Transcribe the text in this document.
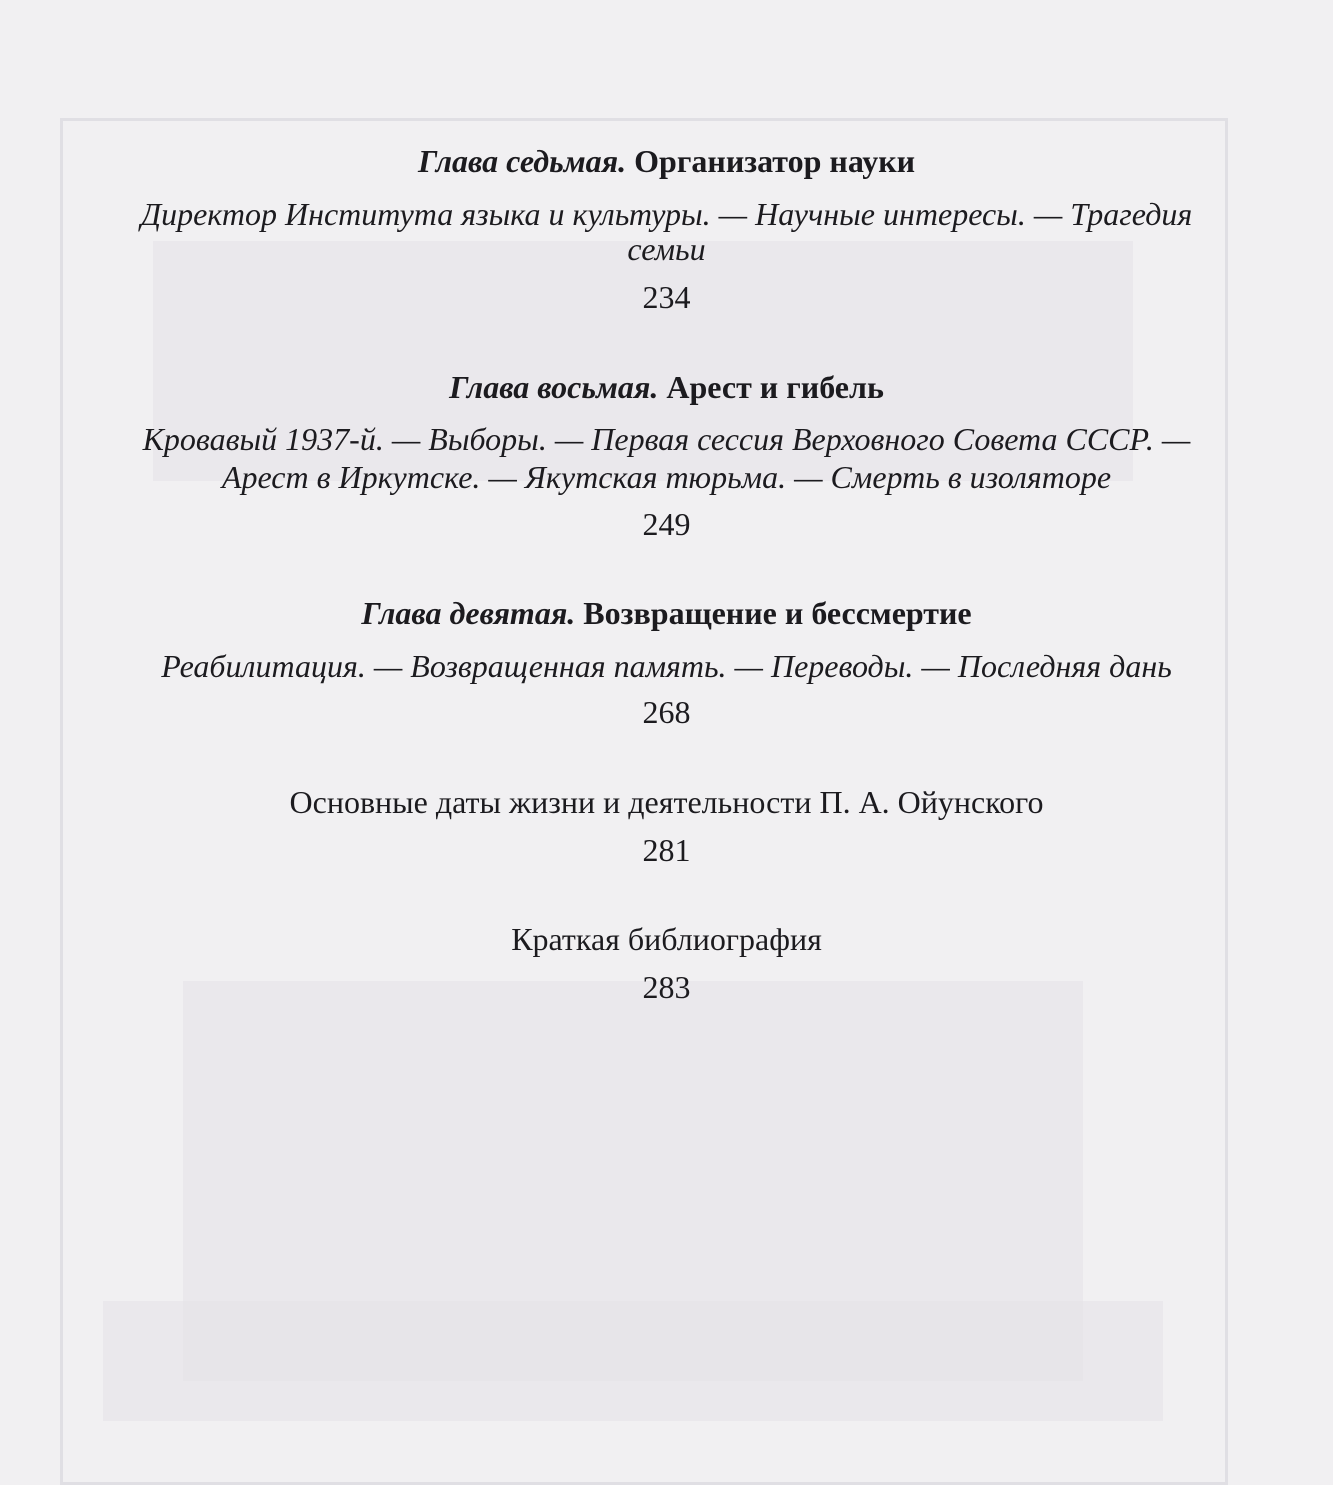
Глава седьмая. Организатор науки
Директор Института языка и культуры. — Научные интересы. — Трагедия
семьи
234
Глава восьмая. Арест и гибель
Кровавый 1937-й. — Выборы. — Первая сессия Верховного Совета СССР. —
Арест в Иркутске. — Якутская тюрьма. — Смерть в изоляторе
249
Глава девятая. Возвращение и бессмертие
Реабилитация. — Возвращенная память. — Переводы. — Последняя дань
268
Основные даты жизни и деятельности П. А. Ойунского
281
Краткая библиография
283
